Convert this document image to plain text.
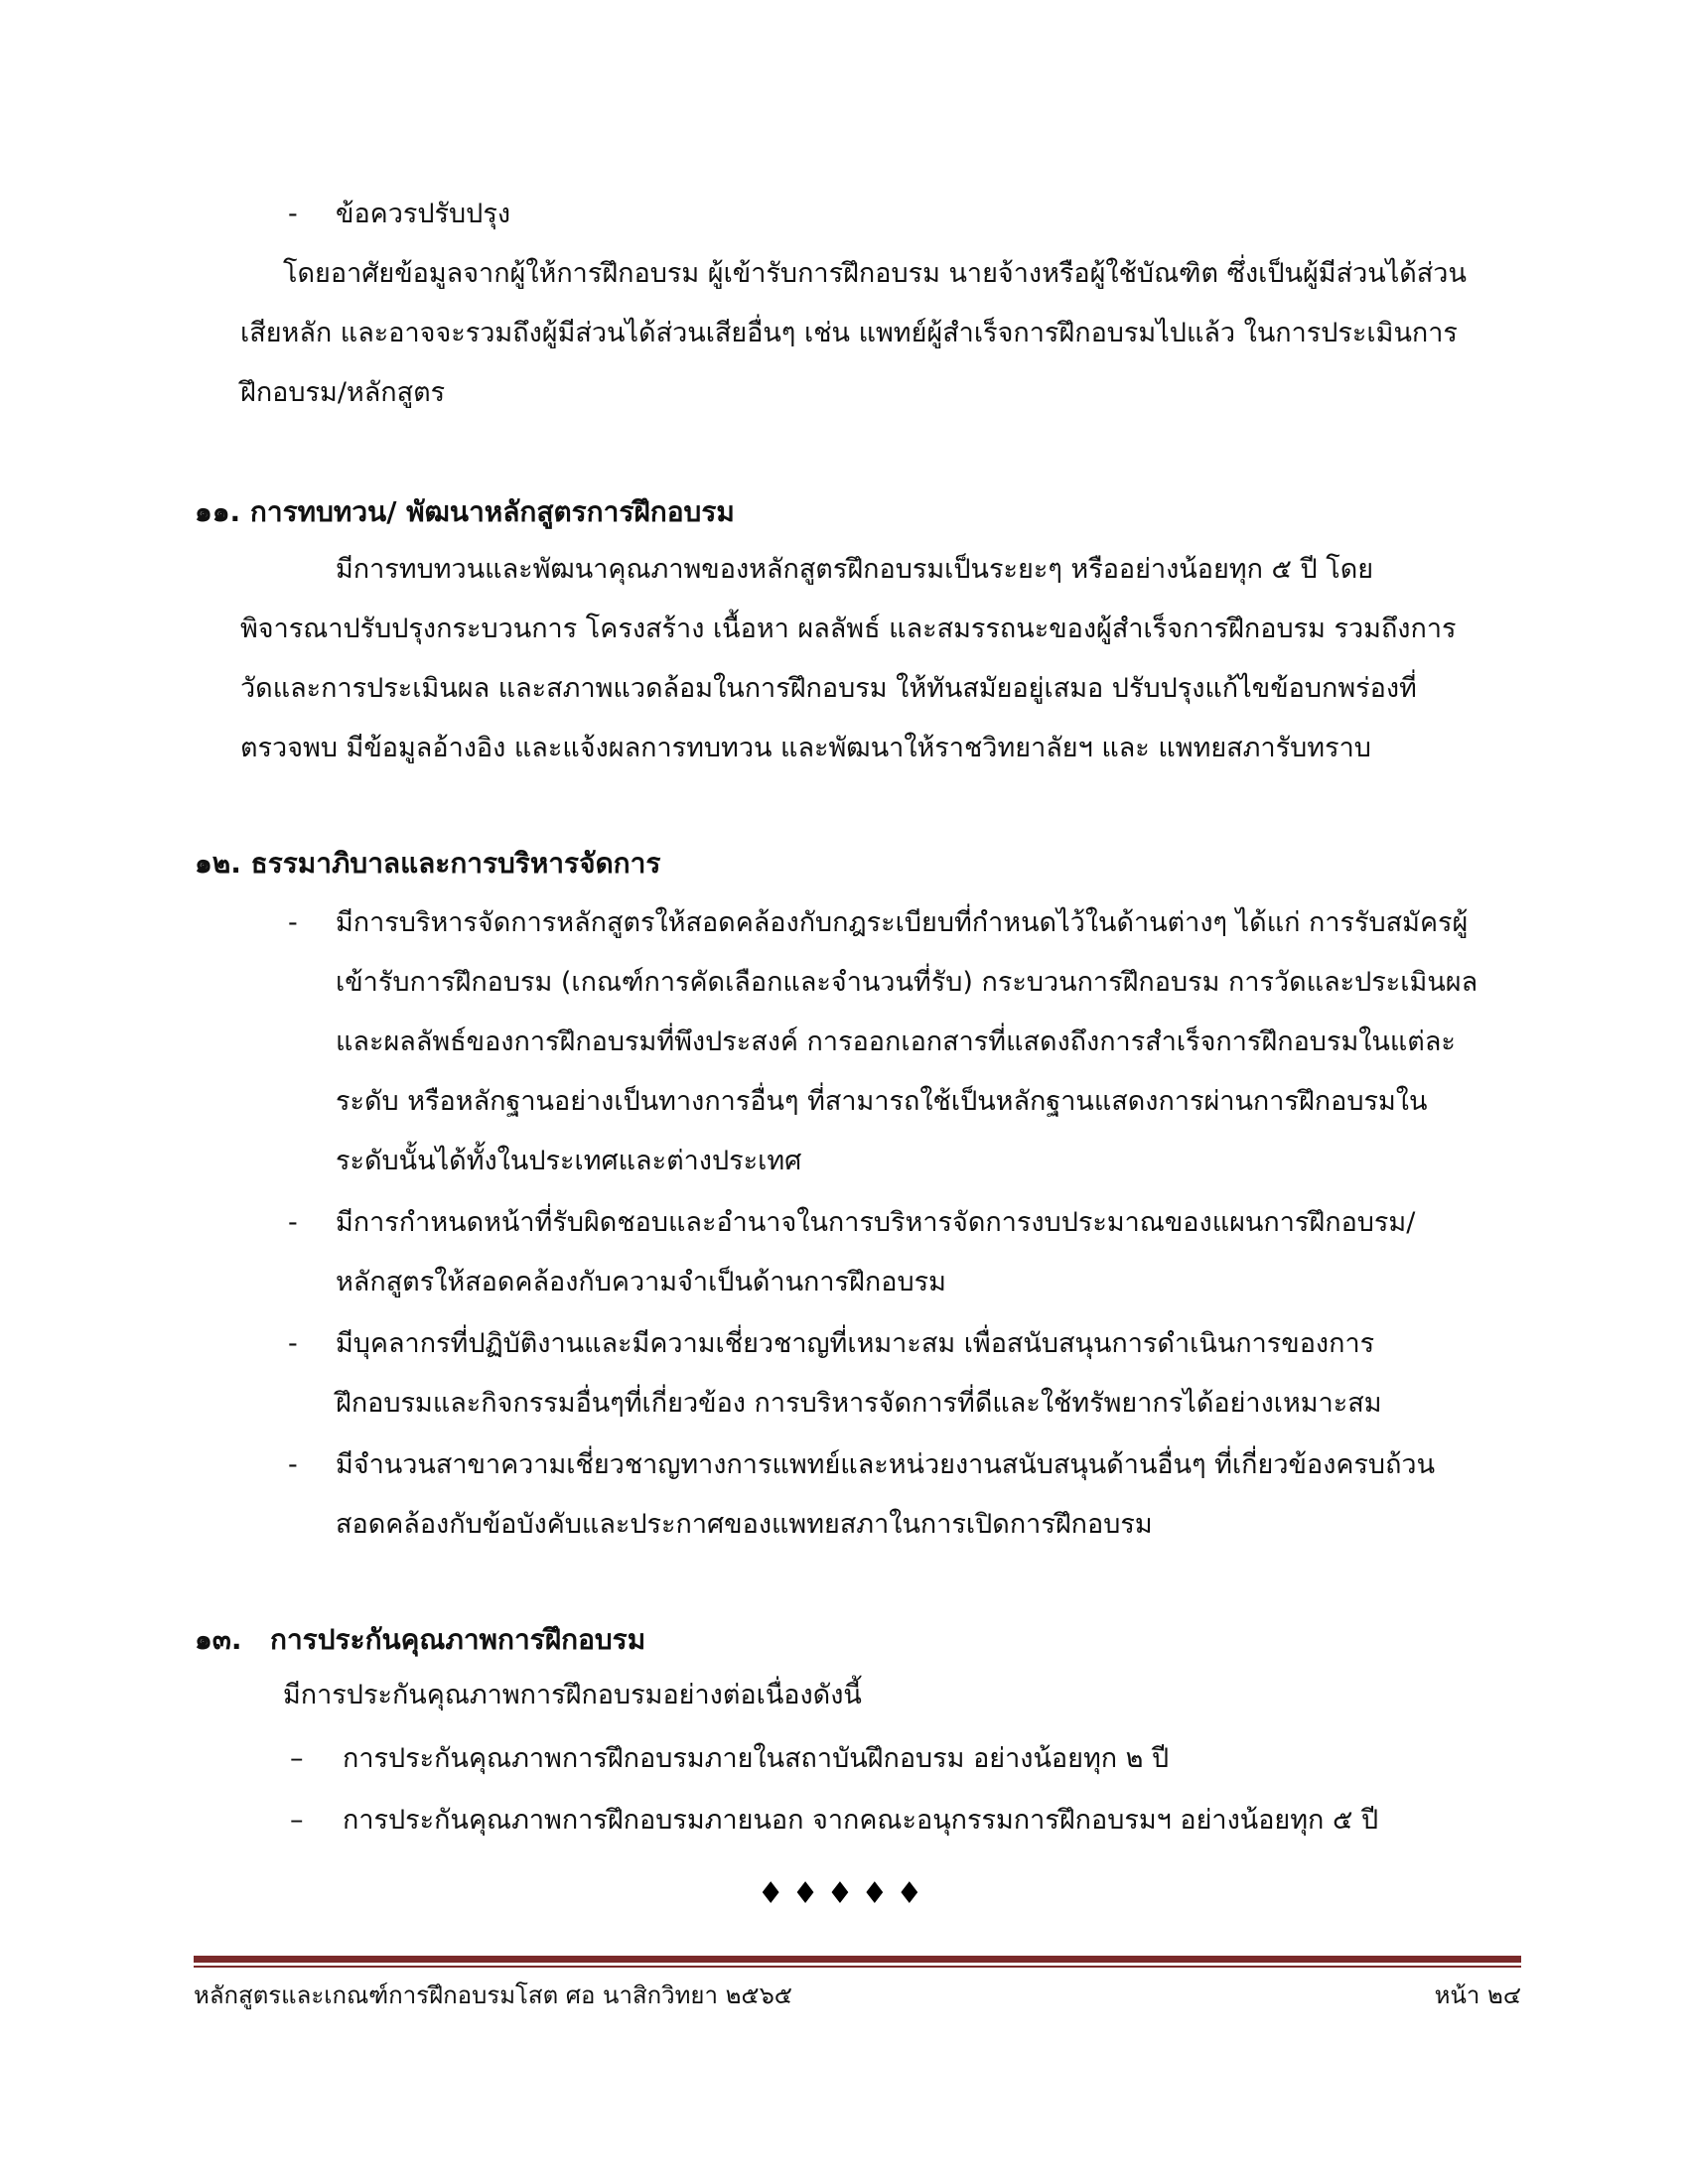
- ข้อควรปรับปรุง
โดยอาศัยข้อมูลจากผู้ให้การฝึกอบรม ผู้เข้ารับการฝึกอบรม นายจ้างหรือผู้ใช้บัณฑิต ซึ่งเป็นผู้มีส่วนได้ส่วน
เสียหลัก และอาจจะรวมถึงผู้มีส่วนได้ส่วนเสียอื่นๆ เช่น แพทย์ผู้สำเร็จการฝึกอบรมไปแล้ว ในการประเมินการ
ฝึกอบรม/หลักสูตร
๑๑. การทบทวน/ พัฒนาหลักสูตรการฝึกอบรม
มีการทบทวนและพัฒนาคุณภาพของหลักสูตรฝึกอบรมเป็นระยะๆ หรืออย่างน้อยทุก ๕ ปี โดย
พิจารณาปรับปรุงกระบวนการ โครงสร้าง เนื้อหา ผลลัพธ์ และสมรรถนะของผู้สำเร็จการฝึกอบรม รวมถึงการ
วัดและการประเมินผล และสภาพแวดล้อมในการฝึกอบรม ให้ทันสมัยอยู่เสมอ ปรับปรุงแก้ไขข้อบกพร่องที่
ตรวจพบ มีข้อมูลอ้างอิง และแจ้งผลการทบทวน และพัฒนาให้ราชวิทยาลัยฯ และ แพทยสภารับทราบ
๑๒. ธรรมาภิบาลและการบริหารจัดการ
- มีการบริหารจัดการหลักสูตรให้สอดคล้องกับกฎระเบียบที่กำหนดไว้ในด้านต่างๆ ได้แก่ การรับสมัครผู้
เข้ารับการฝึกอบรม (เกณฑ์การคัดเลือกและจำนวนที่รับ) กระบวนการฝึกอบรม การวัดและประเมินผล
และผลลัพธ์ของการฝึกอบรมที่พึงประสงค์ การออกเอกสารที่แสดงถึงการสำเร็จการฝึกอบรมในแต่ละ
ระดับ หรือหลักฐานอย่างเป็นทางการอื่นๆ ที่สามารถใช้เป็นหลักฐานแสดงการผ่านการฝึกอบรมใน
ระดับนั้นได้ทั้งในประเทศและต่างประเทศ
- มีการกำหนดหน้าที่รับผิดชอบและอำนาจในการบริหารจัดการงบประมาณของแผนการฝึกอบรม/
หลักสูตรให้สอดคล้องกับความจำเป็นด้านการฝึกอบรม
- มีบุคลากรที่ปฏิบัติงานและมีความเชี่ยวชาญที่เหมาะสม เพื่อสนับสนุนการดำเนินการของการ
ฝึกอบรมและกิจกรรมอื่นๆที่เกี่ยวข้อง การบริหารจัดการที่ดีและใช้ทรัพยากรได้อย่างเหมาะสม
- มีจำนวนสาขาความเชี่ยวชาญทางการแพทย์และหน่วยงานสนับสนุนด้านอื่นๆ ที่เกี่ยวข้องครบถ้วน
สอดคล้องกับข้อบังคับและประกาศของแพทยสภาในการเปิดการฝึกอบรม
๑๓. การประกันคุณภาพการฝึกอบรม
มีการประกันคุณภาพการฝึกอบรมอย่างต่อเนื่องดังนี้
– การประกันคุณภาพการฝึกอบรมภายในสถาบันฝึกอบรม อย่างน้อยทุก ๒ ปี
– การประกันคุณภาพการฝึกอบรมภายนอก จากคณะอนุกรรมการฝึกอบรมฯ อย่างน้อยทุก ๕ ปี
♦♦♦♦♦
หลักสูตรและเกณฑ์การฝึกอบรมโสต ศอ นาสิกวิทยา ๒๕๖๕	หน้า ๒๔
